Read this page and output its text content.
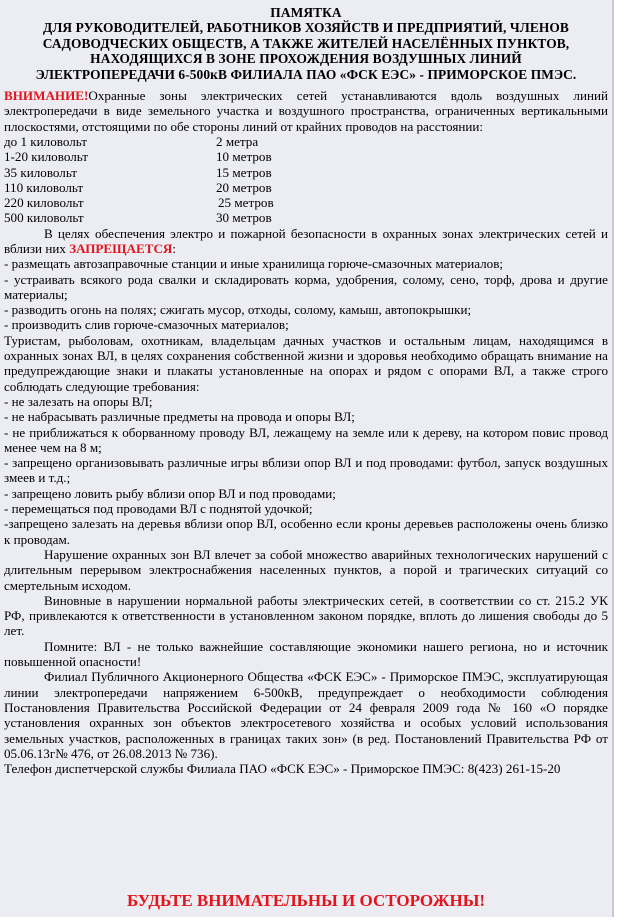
ПАМЯТКА
ДЛЯ РУКОВОДИТЕЛЕЙ, РАБОТНИКОВ ХОЗЯЙСТВ И ПРЕДПРИЯТИЙ, ЧЛЕНОВ
САДОВОДЧЕСКИХ ОБЩЕСТВ, А ТАКЖЕ ЖИТЕЛЕЙ НАСЕЛЁННЫХ ПУНКТОВ,
НАХОДЯЩИХСЯ В ЗОНЕ ПРОХОЖДЕНИЯ ВОЗДУШНЫХ ЛИНИЙ
ЭЛЕКТРОПЕРЕДАЧИ 6-500кВ ФИЛИАЛА ПАО «ФСК ЕЭС» - ПРИМОРСКОЕ ПМЭС.

ВНИМАНИЕ!Охранные зоны электрических сетей устанавливаются вдоль воздушных линий электропередачи в виде земельного участка и воздушного пространства, ограниченных вертикальными плоскостями, отстоящими по обе стороны линий от крайних проводов на расстоянии:

до 1 киловольт	2 метра
1-20 киловольт	10 метров
35 киловольт	15 метров
110 киловольт	20 метров
220 киловольт	25 метров
500 киловольт	30 метров

В целях обеспечения электро и пожарной безопасности в охранных зонах электрических сетей и вблизи них ЗАПРЕЩАЕТСЯ:

- размещать автозаправочные станции и иные хранилища горюче-смазочных материалов;

- устраивать всякого рода свалки и складировать корма, удобрения, солому, сено, торф, дрова и другие материалы;

- разводить огонь на полях; сжигать мусор, отходы, солому, камыш, автопокрышки;

- производить слив горюче-смазочных материалов;

Туристам, рыболовам, охотникам, владельцам дачных участков и остальным лицам, находящимся в охранных зонах ВЛ, в целях сохранения собственной жизни и здоровья необходимо обращать внимание на предупреждающие знаки и плакаты установленные на опорах и рядом с опорами ВЛ, а также строго соблюдать следующие требования:

- не залезать на опоры ВЛ;

- не набрасывать различные предметы на провода и опоры ВЛ;

- не приближаться к оборванному проводу ВЛ, лежащему на земле или к дереву, на котором повис провод менее чем на 8 м;

- запрещено организовывать различные игры вблизи опор ВЛ и под проводами: футбол, запуск воздушных змеев и т.д.;

- запрещено ловить рыбу вблизи опор ВЛ и под проводами;

- перемещаться под проводами ВЛ с поднятой удочкой;

-запрещено залезать на деревья вблизи опор ВЛ, особенно если кроны деревьев расположены очень близко к проводам.

Нарушение охранных зон ВЛ влечет за собой множество аварийных технологических нарушений с длительным перерывом электроснабжения населенных пунктов, а порой и трагических ситуаций со смертельным исходом.

Виновные в нарушении нормальной работы электрических сетей, в соответствии со ст. 215.2 УК РФ, привлекаются к ответственности в установленном законом порядке, вплоть до лишения свободы до 5 лет.

Помните: ВЛ - не только важнейшие составляющие экономики нашего региона, но и источник повышенной опасности!

Филиал Публичного Акционерного Общества «ФСК ЕЭС» - Приморское ПМЭС, эксплуатирующая линии электропередачи напряжением 6-500кВ, предупреждает о необходимости соблюдения Постановления Правительства Российской Федерации от 24 февраля 2009 года № 160 «О порядке установления охранных зон объектов электросетевого хозяйства и особых условий использования земельных участков, расположенных в границах таких зон» (в ред. Постановлений Правительства РФ от 05.06.13г№ 476, от 26.08.2013 № 736).

Телефон диспетчерской службы Филиала ПАО «ФСК ЕЭС» - Приморское ПМЭС: 8(423) 261-15-20

БУДЬТЕ ВНИМАТЕЛЬНЫ И ОСТОРОЖНЫ!
